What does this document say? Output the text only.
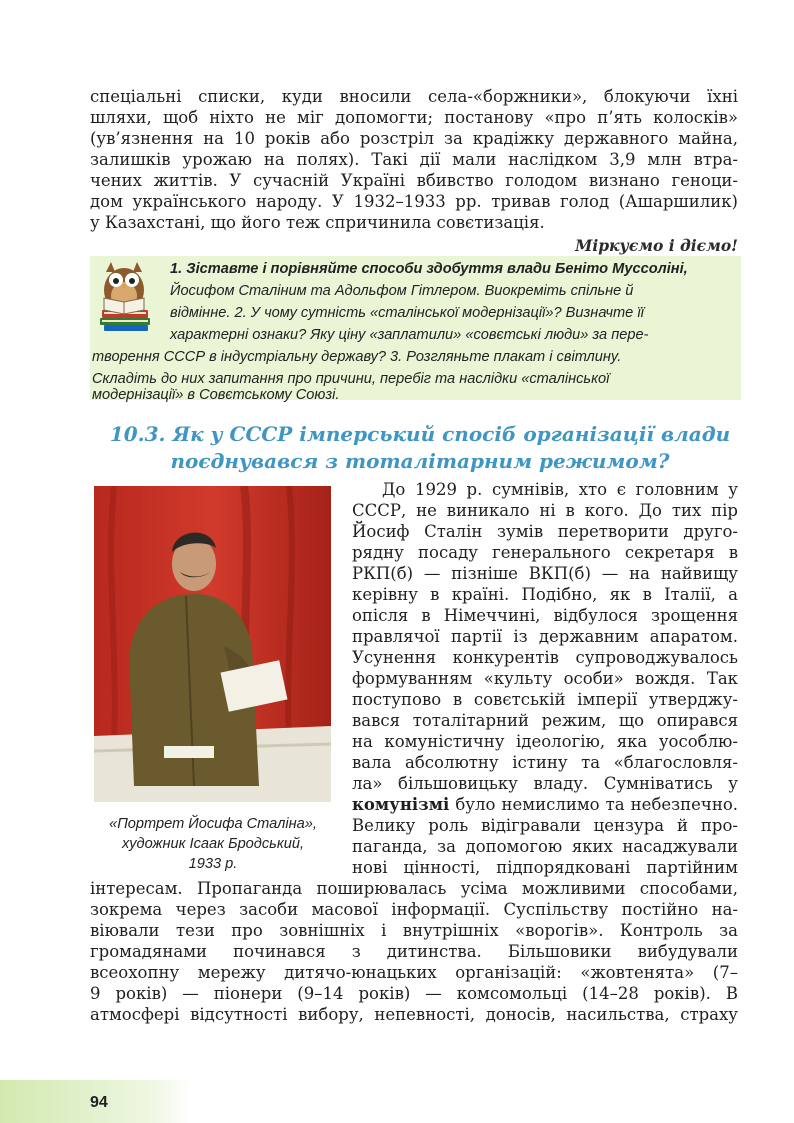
спеціальні списки, куди вносили села-«боржники», блокуючи їхні
шляхи, щоб ніхто не міг допомогти; постанову «про п’ять колосків»
(ув’язнення на 10 років або розстріл за крадіжку державного майна,
залишків урожаю на полях). Такі дії мали наслідком 3,9 млн втра-
чених життів. У сучасній Україні вбивство голодом визнано геноци-
дом українського народу. У 1932–1933 рр. тривав голод (Ашаршилик)
у Казахстані, що його теж спричинила совєтизація.
Міркуємо і діємо!
1. Зіставте і порівняйте способи здобуття влади Беніто Муссоліні,
Йосифом Сталіним та Адольфом Гітлером. Виокреміть спільне й
відмінне. 2. У чому сутність «сталінської модернізації»? Визначте її
характерні ознаки? Яку ціну «заплатили» «совєтські люди» за пере-
творення СССР в індустріальну державу? 3. Розгляньте плакат і світлину.
Складіть до них запитання про причини, перебіг та наслідки «сталінської
модернізації» в Совєтському Союзі.
10.3. Як у СССР імперський спосіб організації влади
поєднувався з тоталітарним режимом?
«Портрет Йосифа Сталіна»,
художник Ісаак Бродський,
1933 р.
До 1929 р. сумнівів, хто є головним у
СССР, не виникало ні в кого. До тих пір
Йосиф Сталін зумів перетворити друго-
рядну посаду генерального секретаря в
РКП(б) — пізніше ВКП(б) — на найвищу
керівну в країні. Подібно, як в Італії, а
опісля в Німеччині, відбулося зрощення
правлячої партії із державним апаратом.
Усунення конкурентів супроводжувалось
формуванням «культу особи» вождя. Так
поступово в совєтській імперії утверджу-
вався тоталітарний режим, що опирався
на комуністичну ідеологію, яка уособлю-
вала абсолютну істину та «благословля-
ла» більшовицьку владу. Сумніватись у
комунізмі було немислимо та небезпечно.
Велику роль відігравали цензура й про-
паганда, за допомогою яких насаджували
нові цінності, підпорядковані партійним
інтересам. Пропаганда поширювалась усіма можливими способами,
зокрема через засоби масової інформації. Суспільству постійно на-
віювали тези про зовнішніх і внутрішніх «ворогів». Контроль за
громадянами починався з дитинства. Більшовики вибудували
всеохопну мережу дитячо-юнацьких організацій: «жовтенята» (7–
9 років) — піонери (9–14 років) — комсомольці (14–28 років). В
атмосфері відсутності вибору, непевності, доносів, насильства, страху
94
